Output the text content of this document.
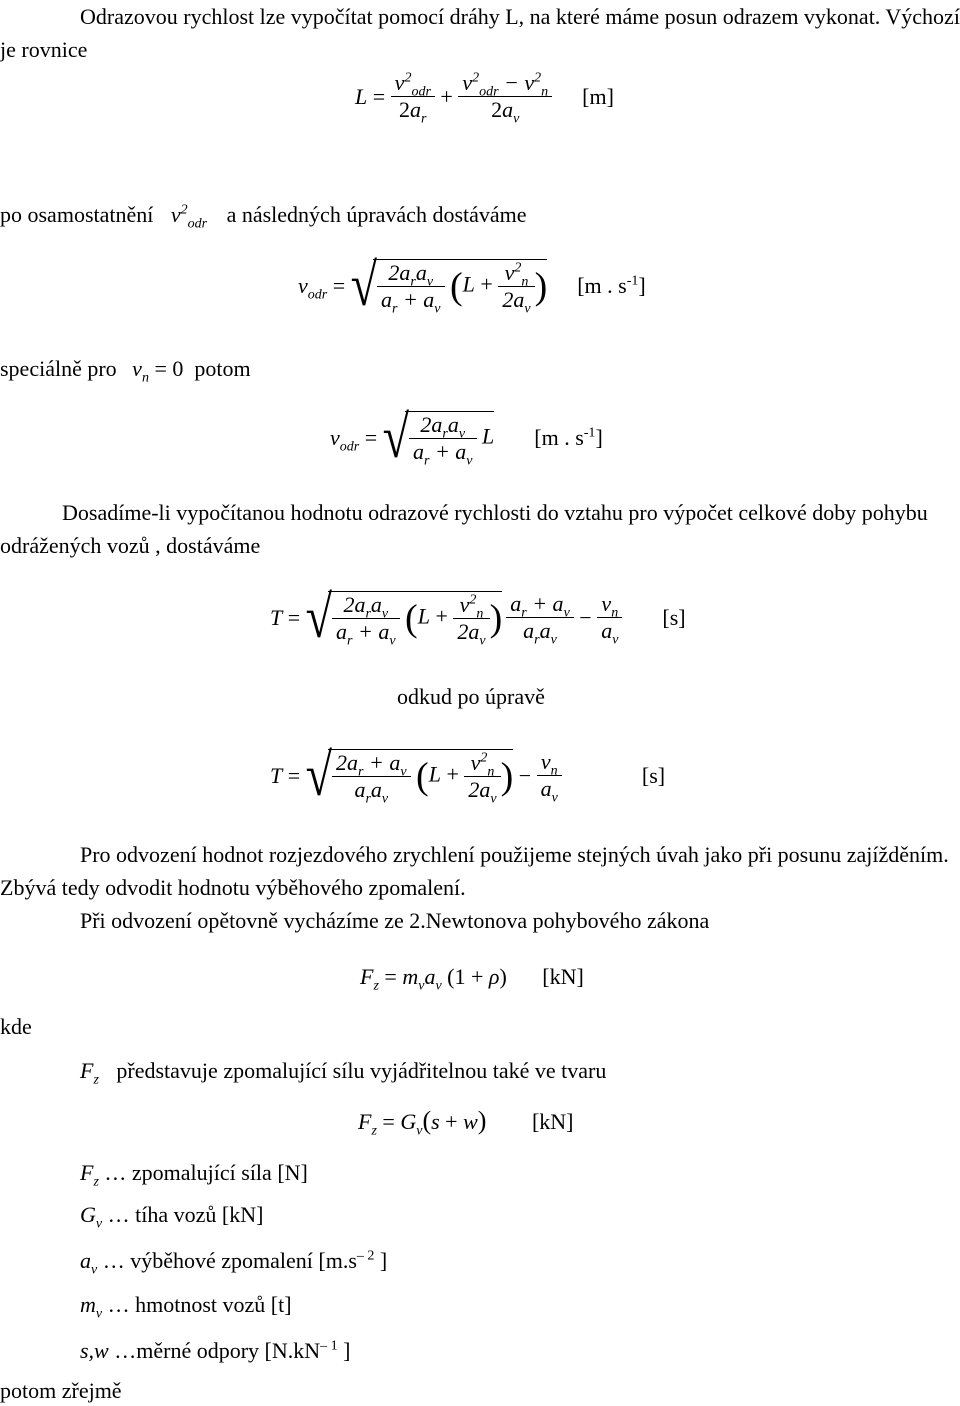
Odrazovou rychlost lze vypočítat pomocí dráhy L, na které máme posun odrazem vykonat. Výchozí je rovnice
$L = \frac{v^2_{odr}}{2a_r} + \frac{v^2_{odr} - v^2_n}{2a_v} [m]$
po osamostatnění $v^2_{odr}$ a následných úpravách dostáváme
$v_{odr}$ = √ $\frac{2a_ra_v}{a_r + a_v} (L + \frac{v^2_n}{2a_v}$ ) [m . $s^{-1}$]
speciálně pro $v_n = 0$  potom
$v_{odr}$ = √ $\frac{2a_ra_v}{a_r + a_v}$ L [m . $s^{-1}$]
Dosadíme-li vypočítanou hodnotu odrazové rychlosti do vztahu pro výpočet celkové doby pohybu odrážených vozů , dostáváme
T = √ $\frac{2a_ra_v}{a_r + a_v} (L + \frac{v^2_n}{2a_v}$ ) $\frac{a_r + a_v}{a_ra_v} - \frac{v_n}{a_v} [s]$
odkud po úpravě
T = √ $\frac{2a_r + a_v}{a_ra_v} (L + \frac{v^2_n}{2a_v}$ ) − $\frac{v_n}{a_v}$	[s]
Pro odvození hodnot rozjezdového zrychlení použijeme stejných úvah jako při posunu zajížděním. Zbývá tedy odvodit hodnotu výběhového zpomalení.
Při odvození opětovně vycházíme ze 2.Newtonova pohybového zákona
$F_z = m_va_v$ (1 + ρ) [kN]
kde
$F_z$ představuje zpomalující sílu vyjádřitelnou také ve tvaru
$F_z = G_v(s + w)$ [kN]
$F_z$ … zpomalující síla [N]
$G_v$ … tíha vozů [kN]
$a_v$ … výběhové zpomalení [$m.s^{- 2}$ ]
$m_v$ … hmotnost vozů [t]
s,w …měrné odpory [$N.kN^{- 1}$ ]
potom zřejmě
